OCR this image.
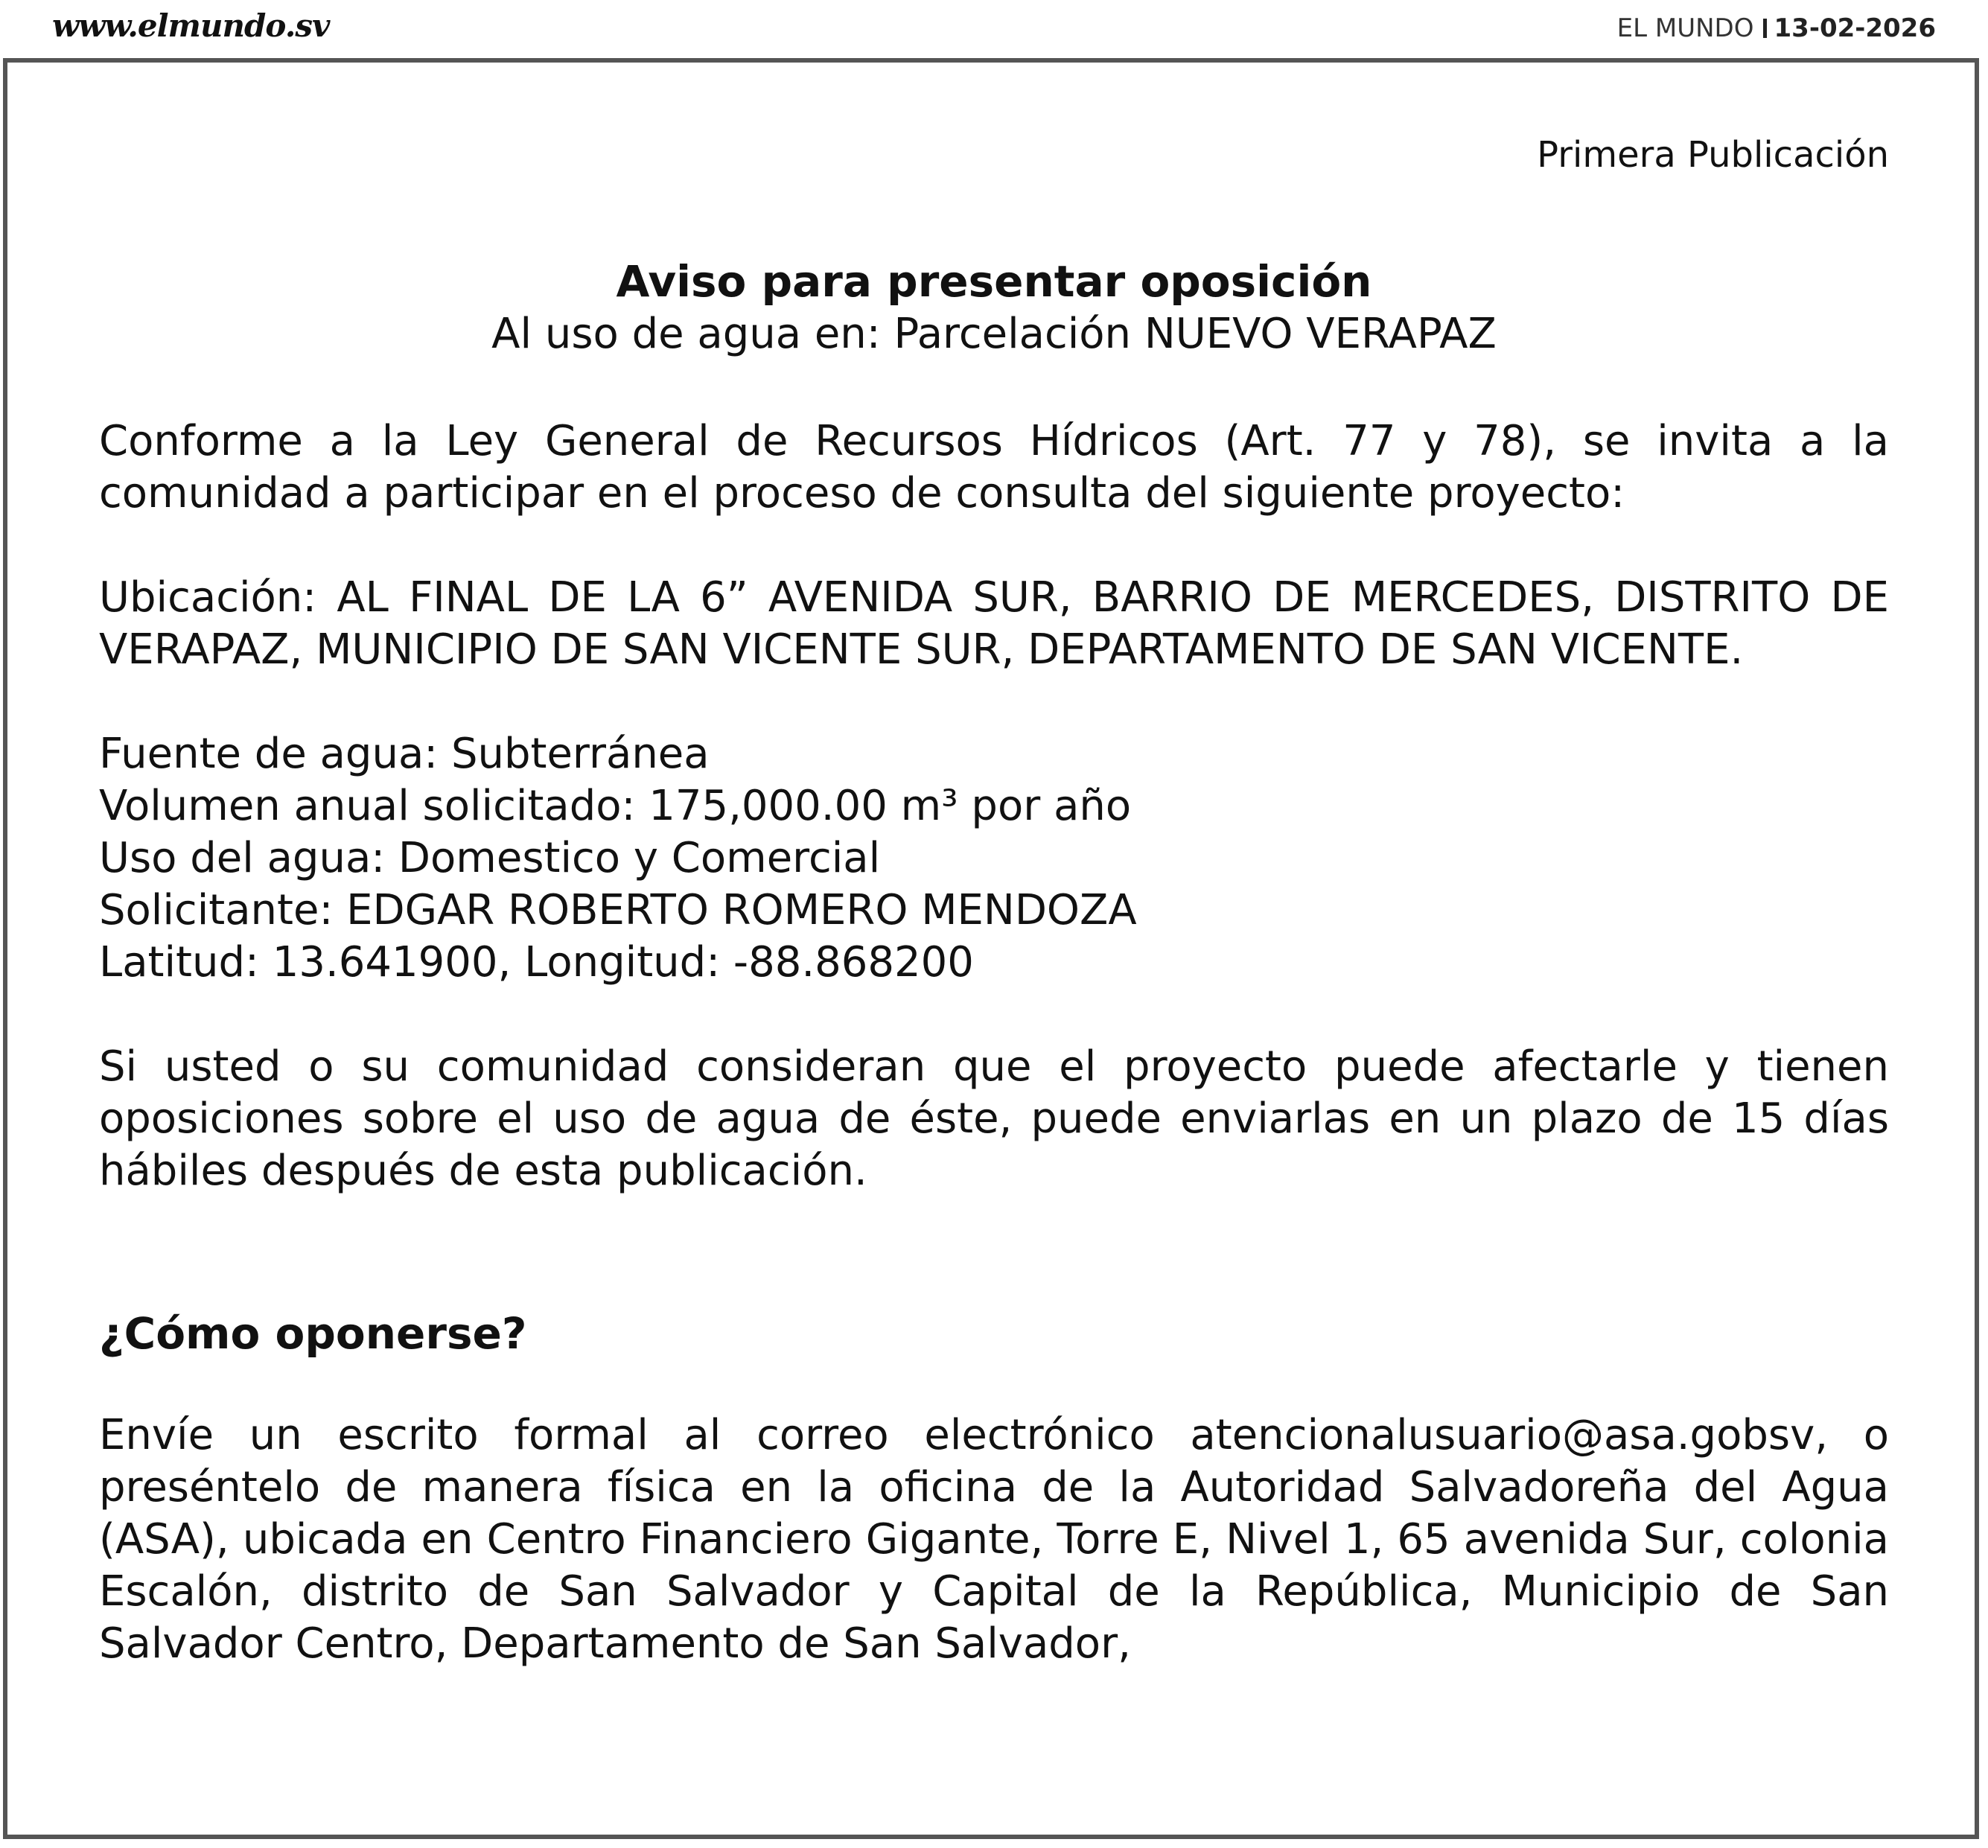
www.elmundo.sv	EL MUNDO 13-02-2026
Primera Publicación
Aviso para presentar oposición
Al uso de agua en: Parcelación NUEVO VERAPAZ

Conforme a la Ley General de Recursos Hídricos (Art. 77 y 78), se invita a la comunidad a participar en el proceso de consulta del siguiente proyecto:

Ubicación: AL FINAL DE LA 6” AVENIDA SUR, BARRIO DE MERCEDES, DISTRITO DE VERAPAZ, MUNICIPIO DE SAN VICENTE SUR, DEPARTAMENTO DE SAN VICENTE.

Fuente de agua: Subterránea
Volumen anual solicitado: 175,000.00 m³ por año
Uso del agua: Domestico y Comercial
Solicitante: EDGAR ROBERTO ROMERO MENDOZA
Latitud: 13.641900, Longitud: -88.868200

Si usted o su comunidad consideran que el proyecto puede afectarle y tienen oposiciones sobre el uso de agua de éste, puede enviarlas en un plazo de 15 días hábiles después de esta publicación.

¿Cómo oponerse?

Envíe un escrito formal al correo electrónico atencionalusuario@asa.gobsv, o preséntelo de manera física en la oficina de la Autoridad Salvadoreña del Agua (ASA), ubicada en Centro Financiero Gigante, Torre E, Nivel 1, 65 avenida Sur, colonia Escalón, distrito de San Salvador y Capital de la República, Municipio de San Salvador Centro, Departamento de San Salvador,
